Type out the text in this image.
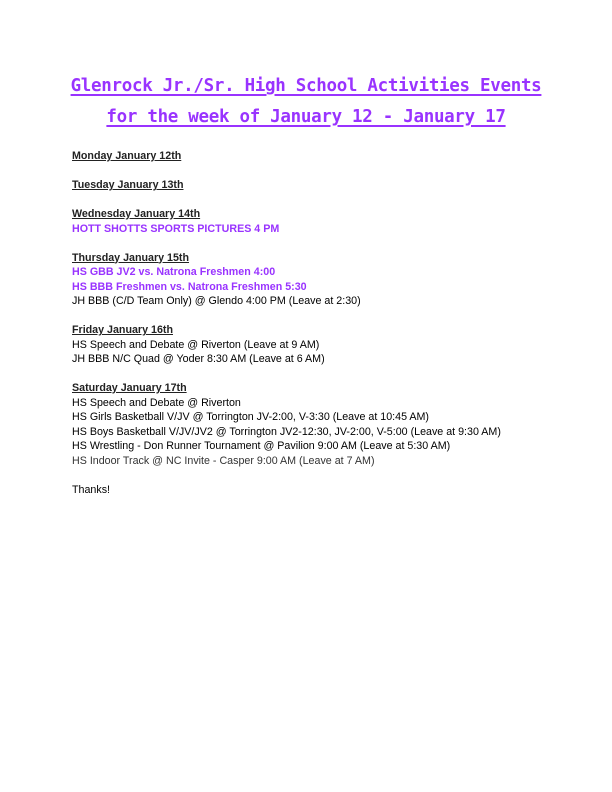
Glenrock Jr./Sr. High School Activities Events
for the week of January 12 - January 17
Monday January 12th
Tuesday January 13th
Wednesday January 14th
HOTT SHOTTS SPORTS PICTURES 4 PM
Thursday January 15th
HS GBB JV2 vs. Natrona Freshmen 4:00
HS BBB Freshmen vs. Natrona Freshmen 5:30
JH BBB (C/D Team Only) @ Glendo 4:00 PM (Leave at 2:30)
Friday January 16th
HS Speech and Debate @ Riverton (Leave at 9 AM)
JH BBB N/C Quad @ Yoder 8:30 AM (Leave at 6 AM)
Saturday January 17th
HS Speech and Debate @ Riverton
HS Girls Basketball V/JV @ Torrington JV-2:00, V-3:30 (Leave at 10:45 AM)
HS Boys Basketball V/JV/JV2 @ Torrington JV2-12:30, JV-2:00, V-5:00 (Leave at 9:30 AM)
HS Wrestling - Don Runner Tournament @ Pavilion 9:00 AM (Leave at 5:30 AM)
HS Indoor Track @ NC Invite - Casper 9:00 AM (Leave at 7 AM)
Thanks!
